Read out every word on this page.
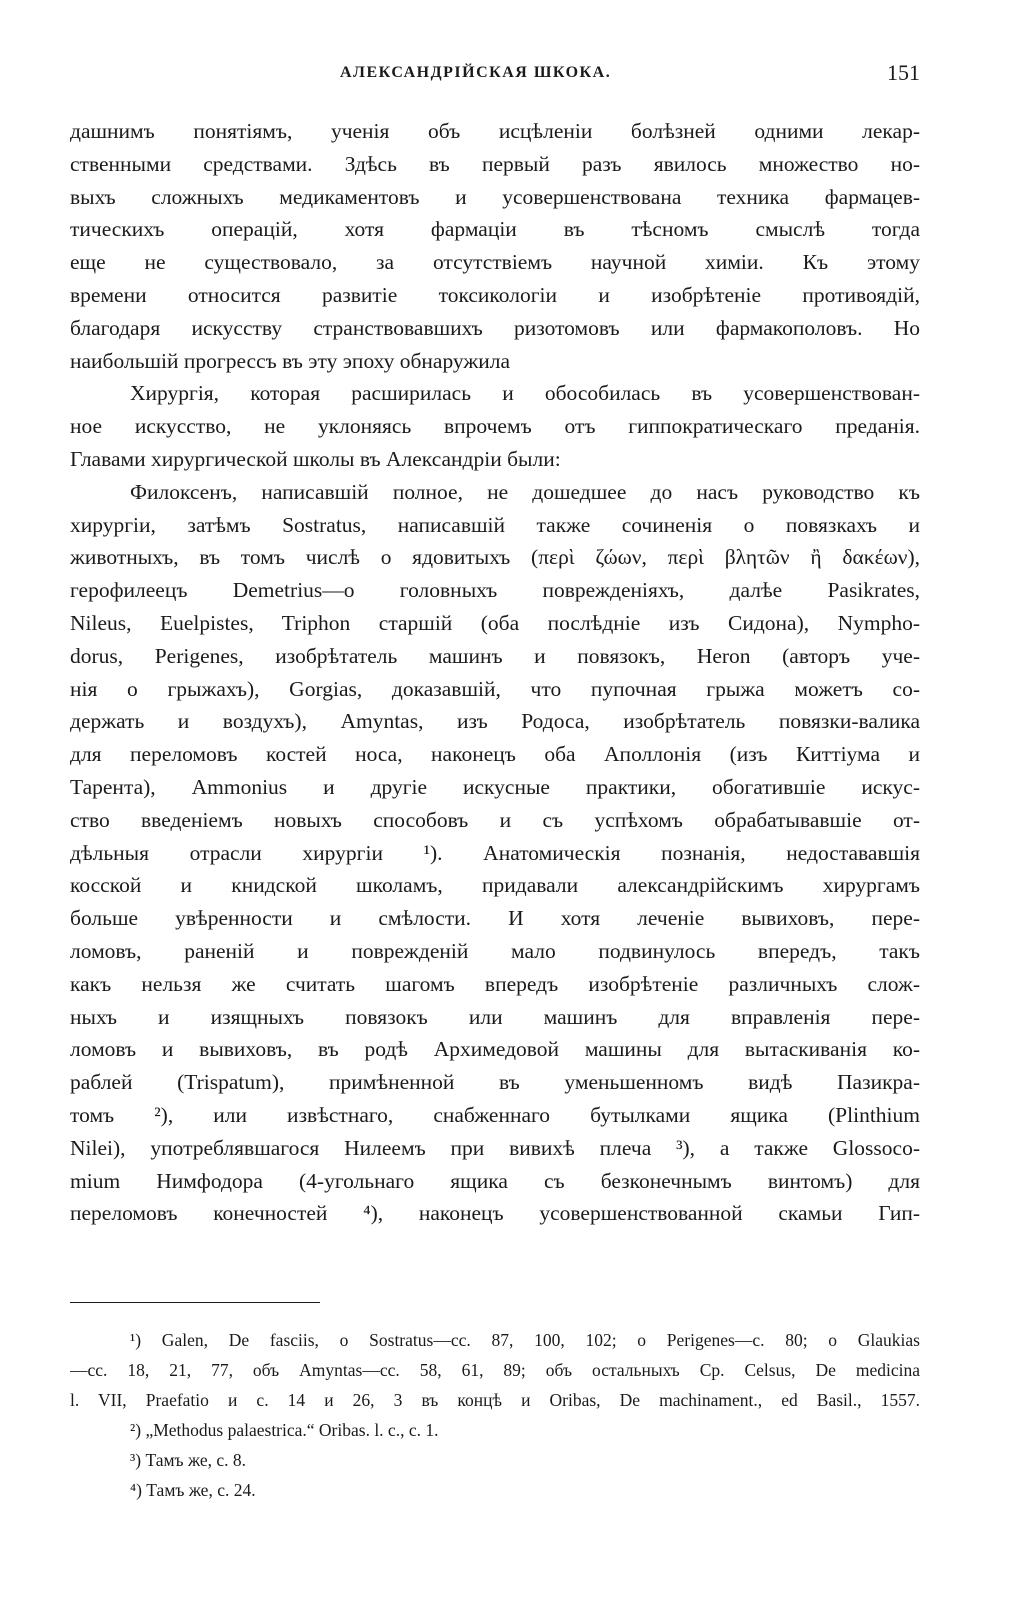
АЛЕКСАНДРІЙСКАЯ ШКОКА.	151
дашнимъ понятіямъ, ученія объ исцѣленіи болѣзней одними лекар-
ственными средствами. Здѣсь въ первый разъ явилось множество но-
выхъ сложныхъ медикаментовъ и усовершенствована техника фармацев-
тическихъ операцій, хотя фармаціи въ тѣсномъ смыслѣ тогда
еще не существовало, за отсутствіемъ научной химіи. Къ этому
времени относится развитіе токсикологіи и изобрѣтеніе противоядій,
благодаря искусству странствовавшихъ ризотомовъ или фармакополовъ. Но
наибольшій прогрессъ въ эту эпоху обнаружила
Хирургія, которая расширилась и обособилась въ усовершенствован-
ное искусство, не уклоняясь впрочемъ отъ гиппократическаго преданія.
Главами хирургической школы въ Александріи были:
Филоксенъ, написавшій полное, не дошедшее до насъ руководство къ
хирургіи, затѣмъ Sostratus, написавшій также сочиненія о повязкахъ и
животныхъ, въ томъ числѣ о ядовитыхъ (περὶ ζώων, περὶ βλητῶν ἢ δακέων),
герофилеецъ Demetrius—о головныхъ поврежденіяхъ, далѣе Pasikrates,
Nileus, Euelpistes, Triphon старшій (оба послѣдніе изъ Сидона), Nympho-
dorus, Perigenes, изобрѣтатель машинъ и повязокъ, Heron (авторъ уче-
нія о грыжахъ), Gorgias, доказавшій, что пупочная грыжа можетъ со-
держать и воздухъ), Amyntas, изъ Родоса, изобрѣтатель повязки-валика
для переломовъ костей носа, наконецъ оба Аполлонія (изъ Киттіума и
Тарента), Ammonius и другіе искусные практики, обогатившіе искус-
ство введеніемъ новыхъ способовъ и съ успѣхомъ обрабатывавшіе от-
дѣльныя отрасли хирургіи ¹). Анатомическія познанія, недостававшія
косской и книдской школамъ, придавали александрійскимъ хирургамъ
больше увѣренности и смѣлости. И хотя леченіе вывиховъ, пере-
ломовъ, раненій и поврежденій мало подвинулось впередъ, такъ
какъ нельзя же считать шагомъ впередъ изобрѣтеніе различныхъ слож-
ныхъ и изящныхъ повязокъ или машинъ для вправленія пере-
ломовъ и вывиховъ, въ родѣ Архимедовой машины для вытаскиванія ко-
раблей (Trispatum), примѣненной въ уменьшенномъ видѣ Пазикра-
томъ ²), или извѣстнаго, снабженнаго бутылками ящика (Plinthium
Nilei), употреблявшагося Нилеемъ при вивихѣ плеча ³), а также Glossoco-
mium Нимфодора (4-угольнаго ящика съ безконечнымъ винтомъ) для
переломовъ конечностей ⁴), наконецъ усовершенствованной скамьи Гип-
¹) Galen, De fasciis, o Sostratus—cc. 87, 100, 102; o Perigenes—c. 80; o Glaukias
—cc. 18, 21, 77, объ Amyntas—cc. 58, 61, 89; объ остальныхъ Cp. Celsus, De medicina
l. VII, Praefatio и c. 14 и 26, 3 въ концѣ и Oribas, De machinament., ed Basil., 1557.
²) „Methodus palaestrica.“ Oribas. l. c., c. 1.
³) Тамъ же, с. 8.
⁴) Тамъ же, с. 24.
